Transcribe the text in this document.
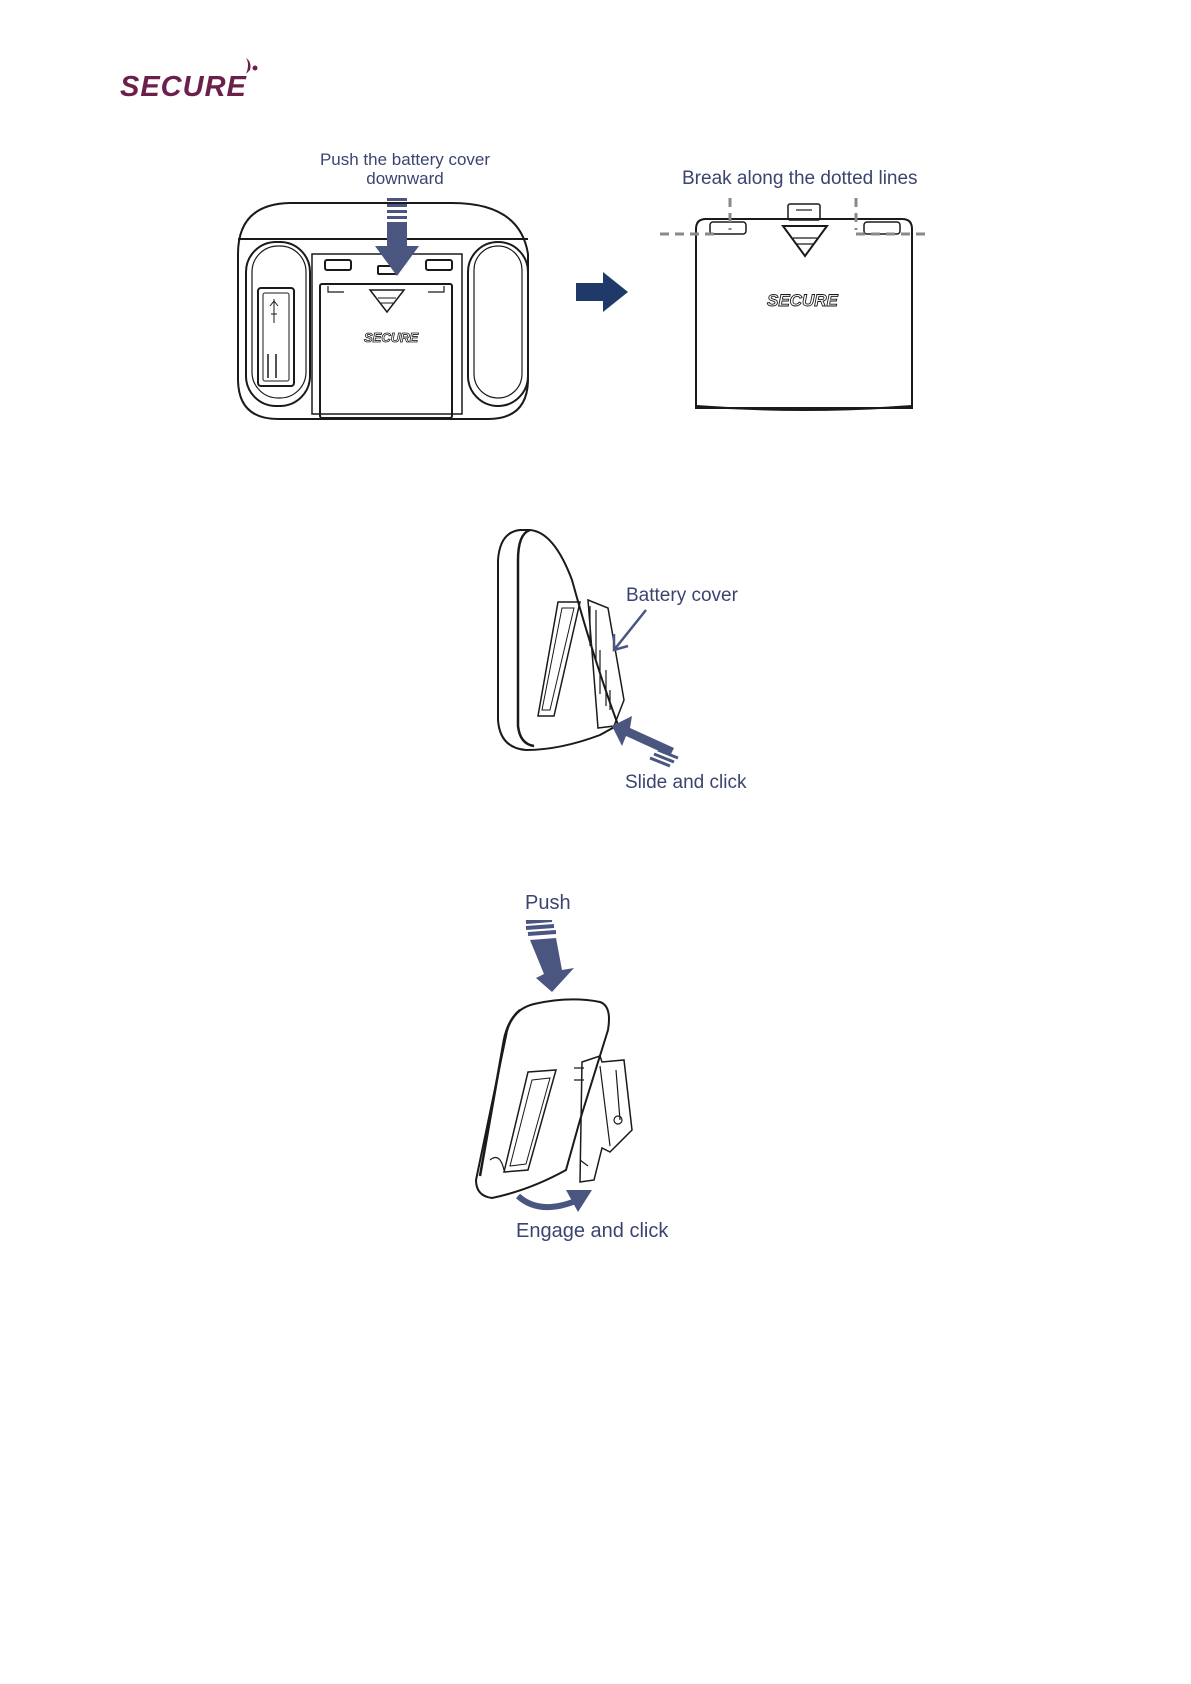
SECURE
Push the battery cover
downward	Break along the dotted lines
SECURE
SECURE
Battery cover
Slide and click
Push
Engage and click
